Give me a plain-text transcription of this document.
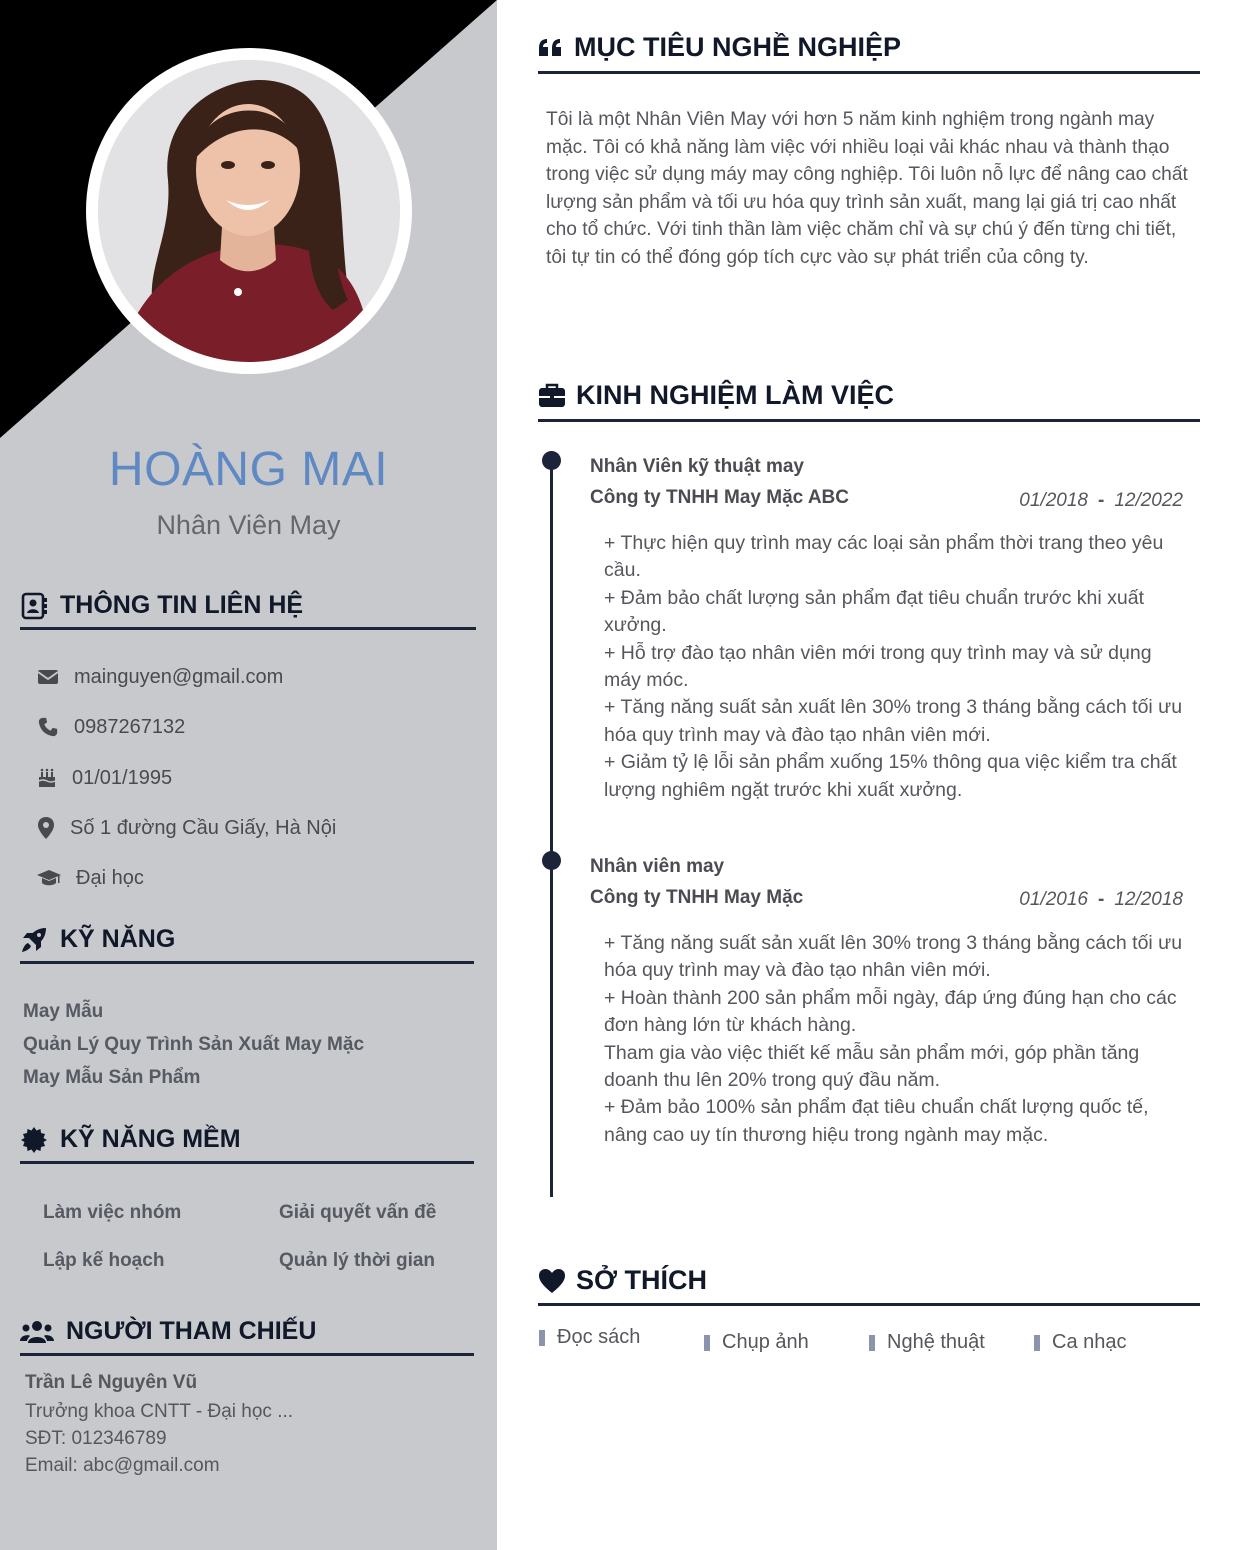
HOÀNG MAI
Nhân Viên May
THÔNG TIN LIÊN HỆ
mainguyen@gmail.com
0987267132
01/01/1995
Số 1 đường Cầu Giấy, Hà Nội
Đại học
KỸ NĂNG
May Mẫu
Quản Lý Quy Trình Sản Xuất May Mặc
May Mẫu Sản Phẩm
KỸ NĂNG MỀM
Làm việc nhóm	Giải quyết vấn đề
Lập kế hoạch	Quản lý thời gian
NGƯỜI THAM CHIẾU
Trần Lê Nguyên Vũ
Trưởng khoa CNTT - Đại học ...
SĐT: 012346789
Email: abc@gmail.com
MỤC TIÊU NGHỀ NGHIỆP
Tôi là một Nhân Viên May với hơn 5 năm kinh nghiệm trong ngành may mặc. Tôi có khả năng làm việc với nhiều loại vải khác nhau và thành thạo trong việc sử dụng máy may công nghiệp. Tôi luôn nỗ lực để nâng cao chất lượng sản phẩm và tối ưu hóa quy trình sản xuất, mang lại giá trị cao nhất cho tổ chức. Với tinh thần làm việc chăm chỉ và sự chú ý đến từng chi tiết, tôi tự tin có thể đóng góp tích cực vào sự phát triển của công ty.
KINH NGHIỆM LÀM VIỆC
Nhân Viên kỹ thuật may
Công ty TNHH May Mặc ABC	01/2018 - 12/2022
+ Thực hiện quy trình may các loại sản phẩm thời trang theo yêu cầu.
+ Đảm bảo chất lượng sản phẩm đạt tiêu chuẩn trước khi xuất xưởng.
+ Hỗ trợ đào tạo nhân viên mới trong quy trình may và sử dụng máy móc.
+ Tăng năng suất sản xuất lên 30% trong 3 tháng bằng cách tối ưu hóa quy trình may và đào tạo nhân viên mới.
+ Giảm tỷ lệ lỗi sản phẩm xuống 15% thông qua việc kiểm tra chất lượng nghiêm ngặt trước khi xuất xưởng.
Nhân viên may
Công ty TNHH May Mặc	01/2016 - 12/2018
+ Tăng năng suất sản xuất lên 30% trong 3 tháng bằng cách tối ưu hóa quy trình may và đào tạo nhân viên mới.
+ Hoàn thành 200 sản phẩm mỗi ngày, đáp ứng đúng hạn cho các đơn hàng lớn từ khách hàng.
Tham gia vào việc thiết kế mẫu sản phẩm mới, góp phần tăng doanh thu lên 20% trong quý đầu năm.
+ Đảm bảo 100% sản phẩm đạt tiêu chuẩn chất lượng quốc tế, nâng cao uy tín thương hiệu trong ngành may mặc.
SỞ THÍCH
Đọc sách	Chụp ảnh	Nghệ thuật	Ca nhạc
